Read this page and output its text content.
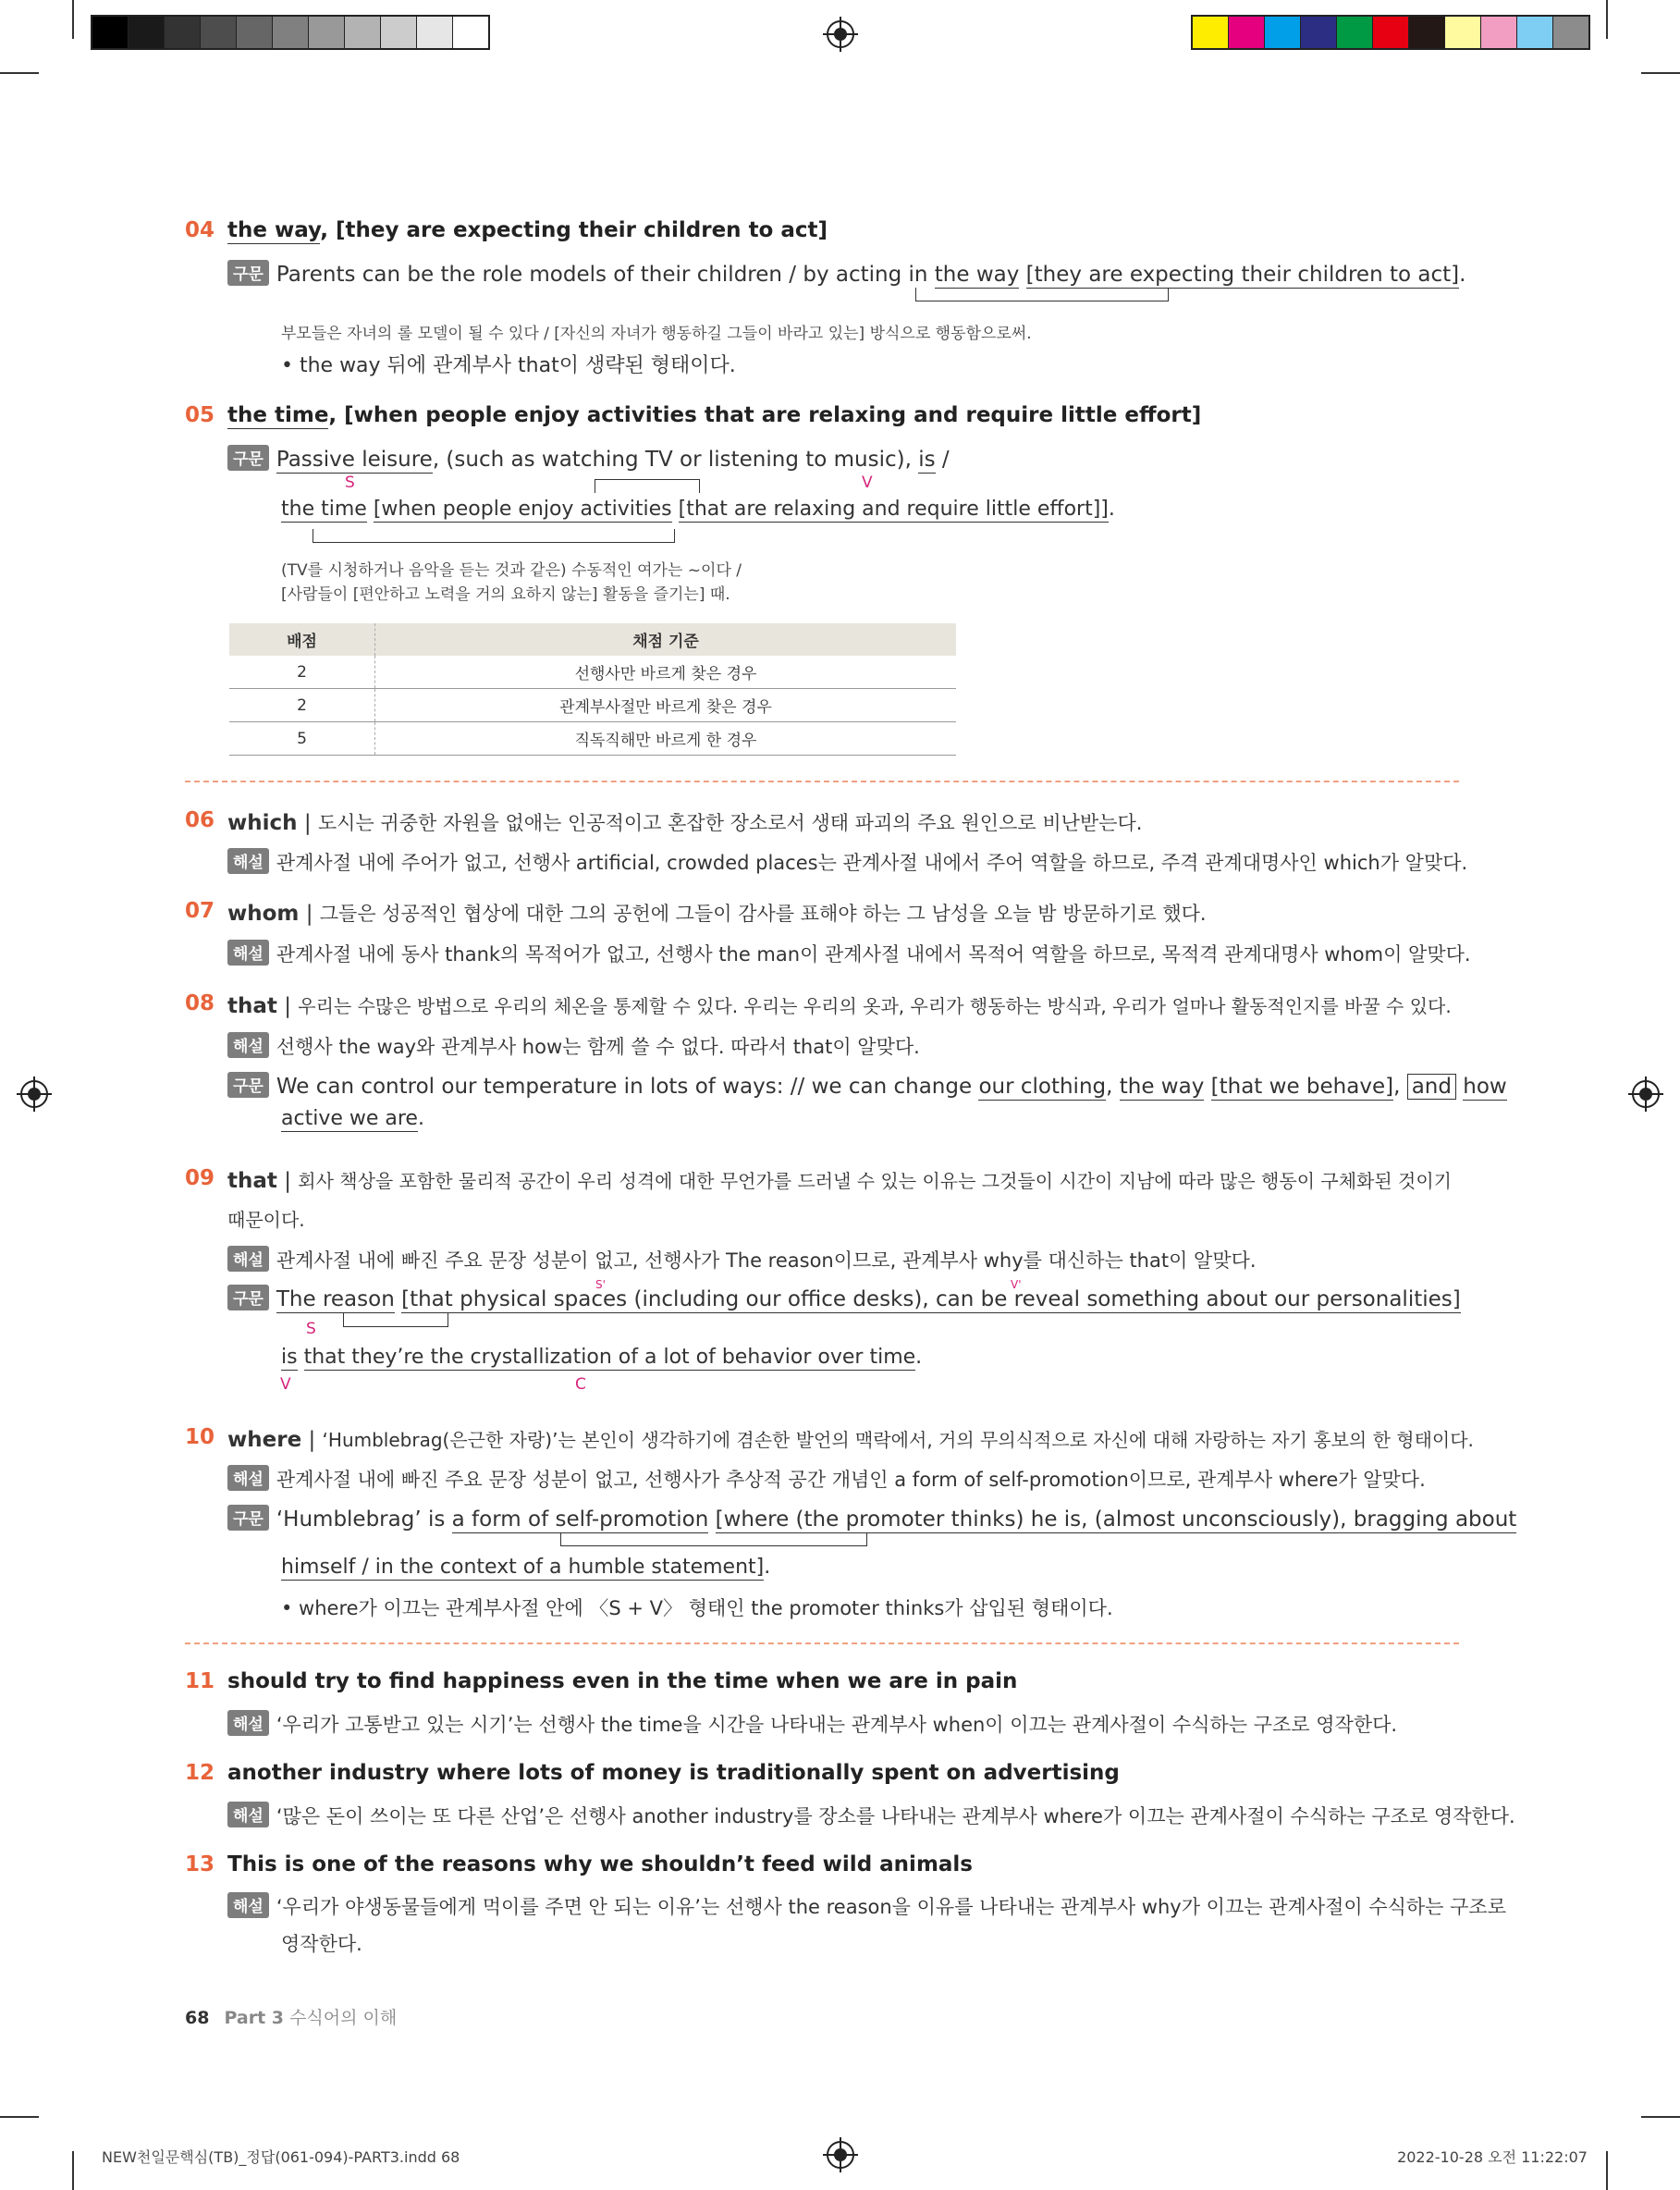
04 the way, [they are expecting their children to act]
구문 Parents can be the role models of their children / by acting in the way [they are expecting their children to act].
부모들은 자녀의 롤 모델이 될 수 있다 / [자신의 자녀가 행동하길 그들이 바라고 있는] 방식으로 행동함으로써.
• the way 뒤에 관계부사 that이 생략된 형태이다.
05 the time, [when people enjoy activities that are relaxing and require little effort]
구문 Passive leisure, (such as watching TV or listening to music), is /
S	V
the time [when people enjoy activities [that are relaxing and require little effort]].
(TV를 시청하거나 음악을 듣는 것과 같은) 수동적인 여가는 ~이다 /
[사람들이 [편안하고 노력을 거의 요하지 않는] 활동을 즐기는] 때.
배점	채점 기준
2	선행사만 바르게 찾은 경우
2	관계부사절만 바르게 찾은 경우
5	직독직해만 바르게 한 경우
06 which | 도시는 귀중한 자원을 없애는 인공적이고 혼잡한 장소로서 생태 파괴의 주요 원인으로 비난받는다.
해설 관계사절 내에 주어가 없고, 선행사 artificial, crowded places는 관계사절 내에서 주어 역할을 하므로, 주격 관계대명사인 which가 알맞다.
07 whom | 그들은 성공적인 협상에 대한 그의 공헌에 그들이 감사를 표해야 하는 그 남성을 오늘 밤 방문하기로 했다.
해설 관계사절 내에 동사 thank의 목적어가 없고, 선행사 the man이 관계사절 내에서 목적어 역할을 하므로, 목적격 관계대명사 whom이 알맞다.
08 that | 우리는 수많은 방법으로 우리의 체온을 통제할 수 있다. 우리는 우리의 옷과, 우리가 행동하는 방식과, 우리가 얼마나 활동적인지를 바꿀 수 있다.
해설 선행사 the way와 관계부사 how는 함께 쓸 수 없다. 따라서 that이 알맞다.
구문 We can control our temperature in lots of ways: // we can change our clothing, the way [that we behave], and how
active we are.
09 that | 회사 책상을 포함한 물리적 공간이 우리 성격에 대한 무언가를 드러낼 수 있는 이유는 그것들이 시간이 지남에 따라 많은 행동이 구체화된 것이기
때문이다.
해설 관계사절 내에 빠진 주요 문장 성분이 없고, 선행사가 The reason이므로, 관계부사 why를 대신하는 that이 알맞다.
구문 The reason [that physical spaces (including our office desks), can be reveal something about our personalities]
S'	V'
S
is that they’re the crystallization of a lot of behavior over time.
V	C
10 where | ‘Humblebrag(은근한 자랑)’는 본인이 생각하기에 겸손한 발언의 맥락에서, 거의 무의식적으로 자신에 대해 자랑하는 자기 홍보의 한 형태이다.
해설 관계사절 내에 빠진 주요 문장 성분이 없고, 선행사가 추상적 공간 개념인 a form of self-promotion이므로, 관계부사 where가 알맞다.
구문 ‘Humblebrag’ is a form of self-promotion [where (the promoter thinks) he is, (almost unconsciously), bragging about
himself / in the context of a humble statement].
• where가 이끄는 관계부사절 안에 〈S + V〉 형태인 the promoter thinks가 삽입된 형태이다.
11 should try to find happiness even in the time when we are in pain
해설 ‘우리가 고통받고 있는 시기’는 선행사 the time을 시간을 나타내는 관계부사 when이 이끄는 관계사절이 수식하는 구조로 영작한다.
12 another industry where lots of money is traditionally spent on advertising
해설 ‘많은 돈이 쓰이는 또 다른 산업’은 선행사 another industry를 장소를 나타내는 관계부사 where가 이끄는 관계사절이 수식하는 구조로 영작한다.
13 This is one of the reasons why we shouldn’t feed wild animals
해설 ‘우리가 야생동물들에게 먹이를 주면 안 되는 이유’는 선행사 the reason을 이유를 나타내는 관계부사 why가 이끄는 관계사절이 수식하는 구조로
영작한다.
68 Part 3 수식어의 이해
NEW천일문핵심(TB)_정답(061-094)-PART3.indd 68	2022-10-28 오전 11:22:07
